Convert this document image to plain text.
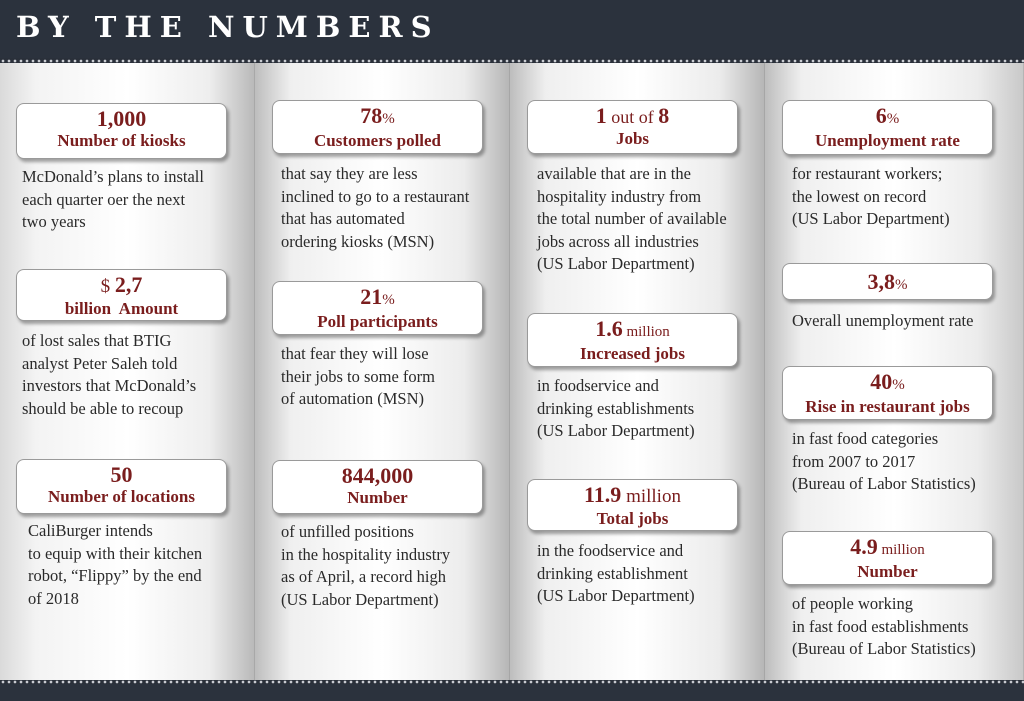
BY THE NUMBERS
1,000
Number of kiosks
McDonald’s plans to install
each quarter oer the next
two years
$ 2,7
billion  Amount
of lost sales that BTIG
analyst Peter Saleh told
investors that McDonald’s
should be able to recoup
50
Number of locations
CaliBurger intends
to equip with their kitchen
robot, “Flippy” by the end
of 2018
78%
Customers polled
that say they are less
inclined to go to a restaurant
that has automated
ordering kiosks (MSN)
21%
Poll participants
that fear they will lose
their jobs to some form
of automation (MSN)
844,000
Number
of unfilled positions
in the hospitality industry
as of April, a record high
(US Labor Department)
1 out of 8
Jobs
available that are in the
hospitality industry from
the total number of available
jobs across all industries
(US Labor Department)
1.6 million
Increased jobs
in foodservice and
drinking establishments
(US Labor Department)
11.9 million
Total jobs
in the foodservice and
drinking establishment
(US Labor Department)
6%
Unemployment rate
for restaurant workers;
the lowest on record
(US Labor Department)
3,8%
Overall unemployment rate
40%
Rise in restaurant jobs
in fast food categories
from 2007 to 2017
(Bureau of Labor Statistics)
4.9 million
Number
of people working
in fast food establishments
(Bureau of Labor Statistics)
